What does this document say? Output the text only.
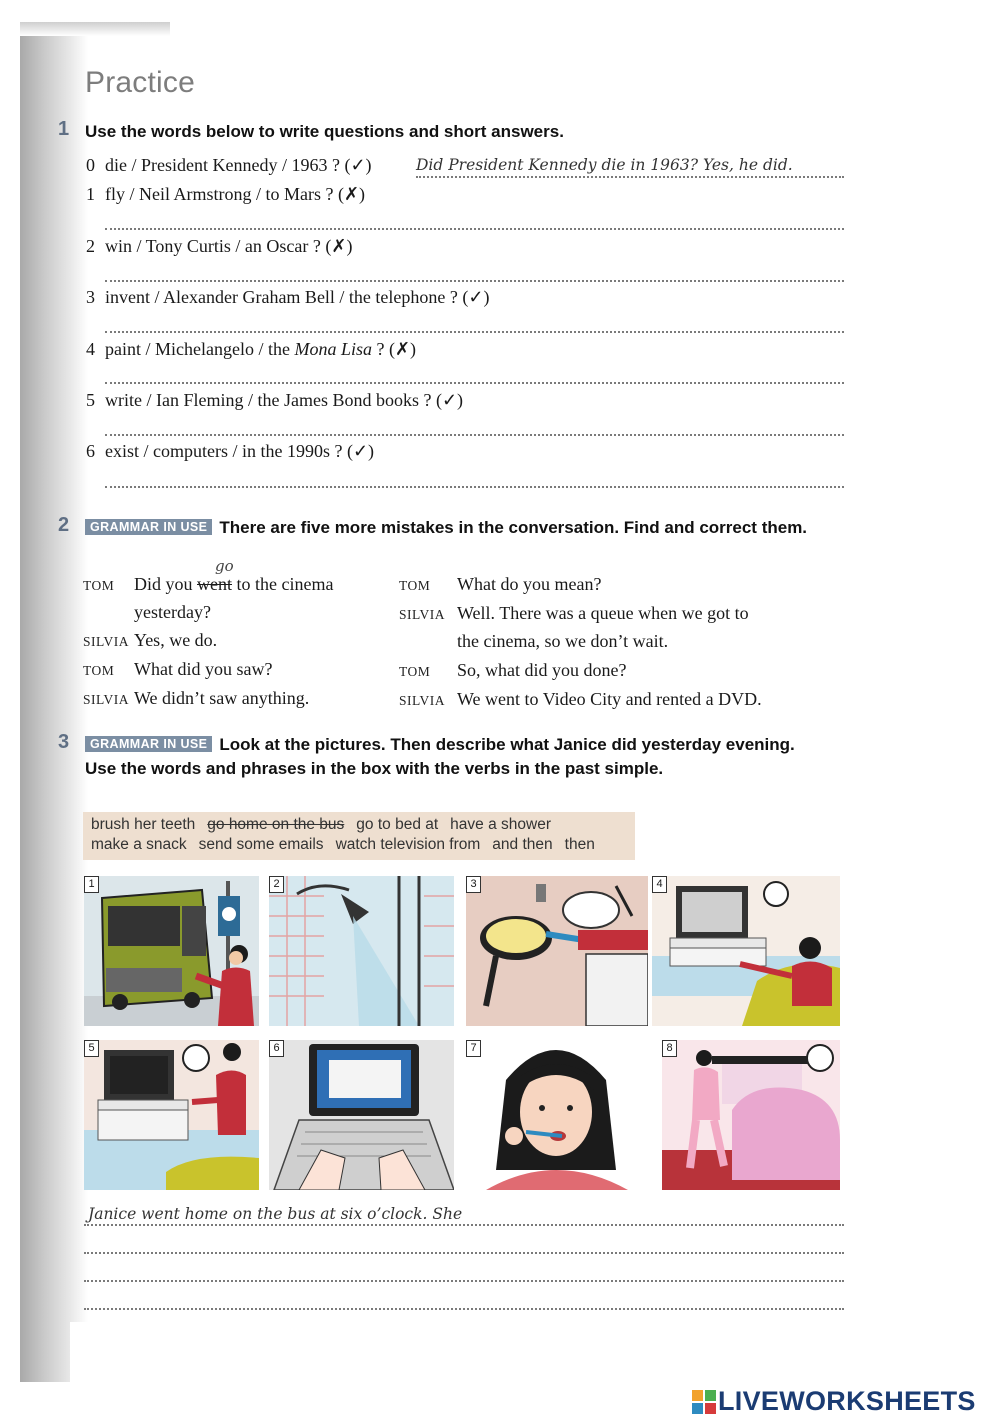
Practice
1 Use the words below to write questions and short answers.
0 die / President Kennedy / 1963 ? (✓)	Did President Kennedy die in 1963? Yes, he did.
1 fly / Neil Armstrong / to Mars ? (✗)
2 win / Tony Curtis / an Oscar ? (✗)
3 invent / Alexander Graham Bell / the telephone ? (✓)
4 paint / Michelangelo / the Mona Lisa ? (✗)
5 write / Ian Fleming / the James Bond books ? (✓)
6 exist / computers / in the 1990s ? (✓)
2	GRAMMAR IN USE There are five more mistakes in the conversation. Find and correct them.
go
TOM Did you went to the cinema
yesterday?
SILVIA Yes, we do.
TOM What did you saw?
SILVIA We didn’t saw anything.
TOM What do you mean?
SILVIA Well. There was a queue when we got to
the cinema, so we don’t wait.
TOM So, what did you done?
SILVIA We went to Video City and rented a DVD.
3	GRAMMAR IN USE Look at the pictures. Then describe what Janice did yesterday evening.
Use the words and phrases in the box with the verbs in the past simple.
brush her teeth go home on the bus go to bed at have a shower
make a snack send some emails watch television from and then then
1	2	3	4
5	6	7	8
Janice went home on the bus at six o’clock. She
LIVEWORKSHEETS
